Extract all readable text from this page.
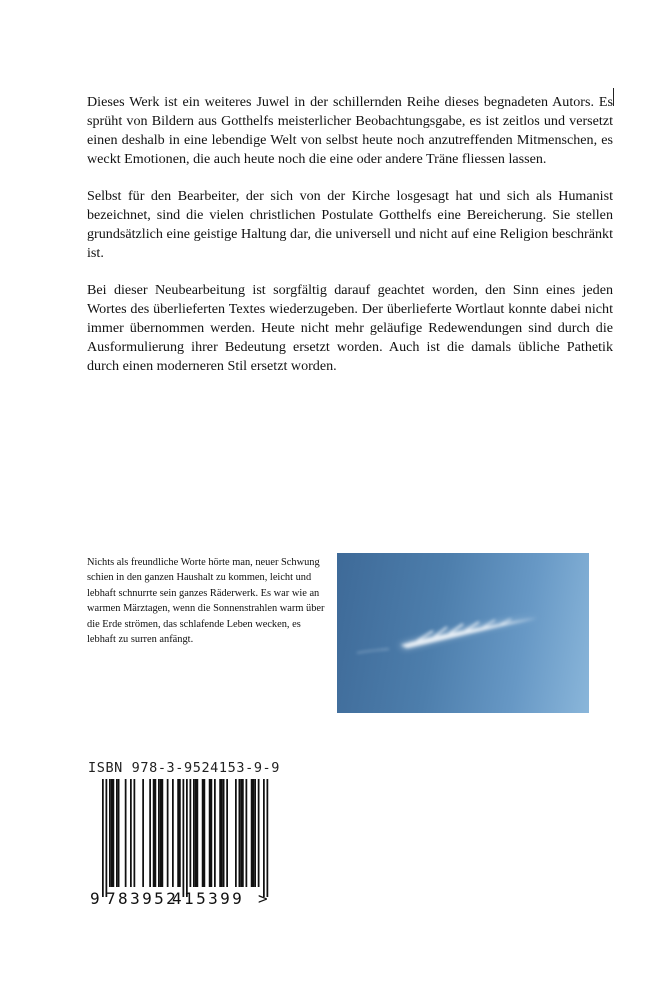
Dieses Werk ist ein weiteres Juwel in der schillernden Reihe dieses begnadeten Autors. Es sprüht von Bildern aus Gotthelfs meisterlicher Beobachtungsgabe, es ist zeitlos und versetzt einen deshalb in eine lebendige Welt von selbst heute noch anzutreffenden Mitmenschen, es weckt Emotionen, die auch heute noch die eine oder andere Träne fliessen lassen.

Selbst für den Bearbeiter, der sich von der Kirche losgesagt hat und sich als Humanist bezeichnet, sind die vielen christlichen Postulate Gotthelfs eine Bereicherung. Sie stellen grundsätzlich eine geistige Haltung dar, die universell und nicht auf eine Religion beschränkt ist.

Bei dieser Neubearbeitung ist sorgfältig darauf geachtet worden, den Sinn eines jeden Wortes des überlieferten Textes wiederzugeben. Der überlieferte Wortlaut konnte dabei nicht immer übernommen werden. Heute nicht mehr geläufige Redewendungen sind durch die Ausformulierung ihrer Bedeutung ersetzt worden. Auch ist die damals übliche Pathetik durch einen moderneren Stil ersetzt worden.

Nichts als freundliche Worte hörte man, neuer Schwung schien in den ganzen Haushalt zu kommen, leicht und lebhaft schnurrte sein ganzes Räderwerk. Es war wie an warmen Märztagen, wenn die Sonnenstrahlen warm über die Erde strömen, das schlafende Leben wecken, es lebhaft zu surren anfängt.

ISBN 978-3-9524153-9-9

9 783952
415399 >
